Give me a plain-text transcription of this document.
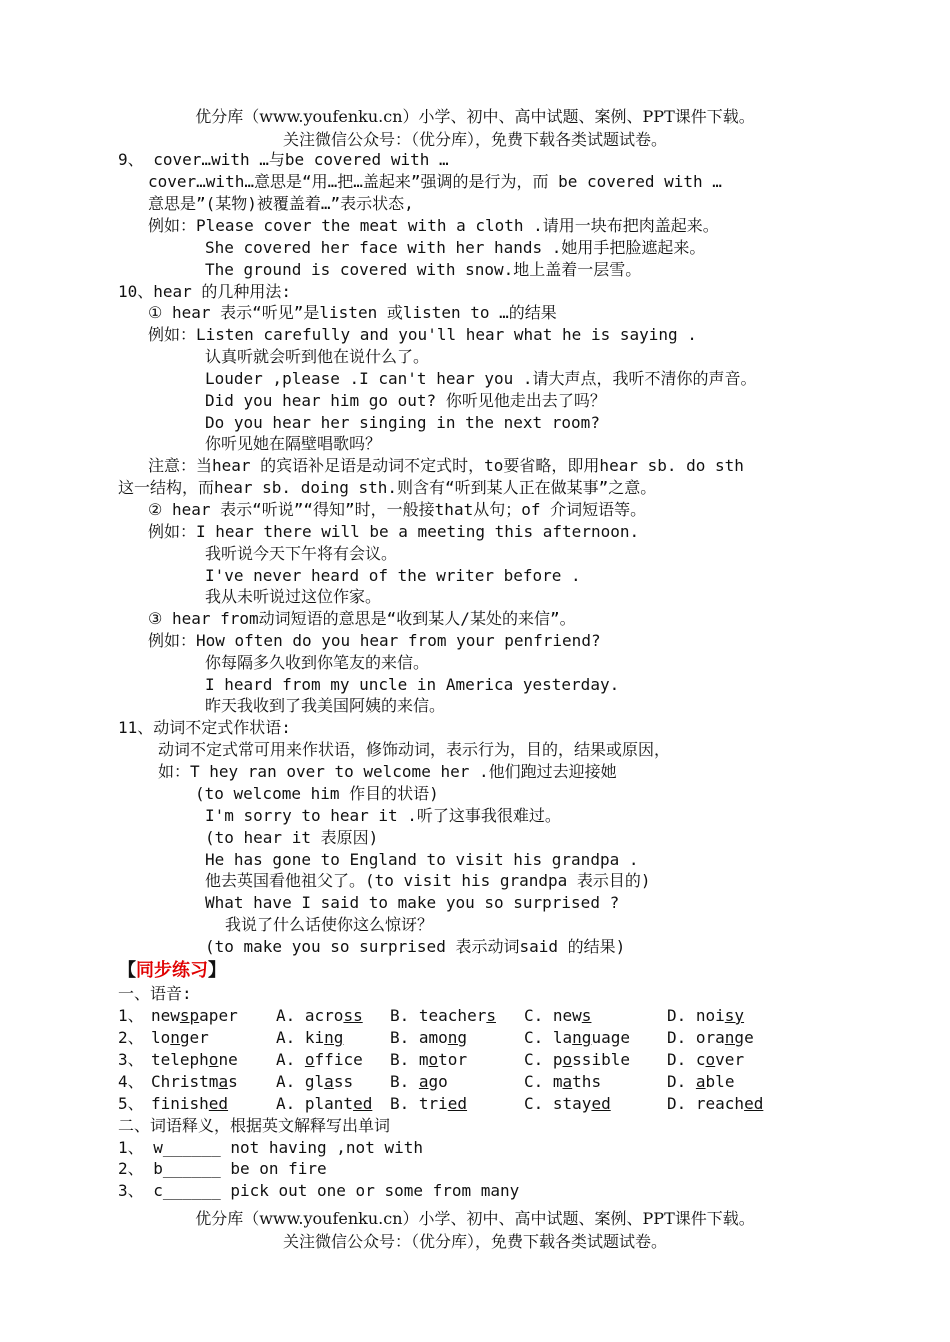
优分库（www.youfenku.cn）小学、初中、高中试题、案例、PPT课件下载。
关注微信公众号：（优分库），免费下载各类试题试卷。
9、 cover…with …与be covered with …
cover…with…意思是“用…把…盖起来”强调的是行为，而 be covered with …
意思是”(某物)被覆盖着…”表示状态,
例如：Please cover the meat with a cloth .请用一块布把肉盖起来。
She covered her face with her hands .她用手把脸遮起来。
The ground is covered with snow.地上盖着一层雪。
10、hear 的几种用法:
① hear 表示“听见”是listen 或listen to …的结果
例如：Listen carefully and you'll hear what he is saying .
认真听就会听到他在说什么了。
Louder ,please .I can't hear you .请大声点，我听不清你的声音。
Did you hear him go out? 你听见他走出去了吗？
Do you hear her singing in the next room?
你听见她在隔壁唱歌吗？
注意：当hear 的宾语补足语是动词不定式时，to要省略，即用hear sb. do sth
这一结构，而hear sb. doing sth.则含有“听到某人正在做某事”之意。
② hear 表示“听说”“得知”时，一般接that从句；of 介词短语等。
例如：I hear there will be a meeting this afternoon.
我听说今天下午将有会议。
I've never heard of the writer before .
我从未听说过这位作家。
③ hear from动词短语的意思是“收到某人/某处的来信”。
例如：How often do you hear from your penfriend?
你每隔多久收到你笔友的来信。
I heard from my uncle in America yesterday.
昨天我收到了我美国阿姨的来信。
11、动词不定式作状语:
动词不定式常可用来作状语，修饰动词，表示行为，目的，结果或原因，
如：T hey ran over to welcome her .他们跑过去迎接她
(to welcome him 作目的状语)
I'm sorry to hear it .听了这事我很难过。
(to hear it 表原因)
He has gone to England to visit his grandpa .
他去英国看他祖父了。(to visit his grandpa 表示目的)
What have I said to make you so surprised ?
我说了什么话使你这么惊讶？
(to make you so surprised 表示动词said 的结果)
【同步练习】
一、语音:
1、 newspaper A. across B. teachers C. news	D. noisy
2、 longer	A. king	B. among	C. language D. orange
3、 telephone A. office B. motor	C. possible D. cover
4、 Christmas A. glass B. ago	C. maths	D. able
5、 finished	A. planted B. tried	C. stayed	D. reached
二、词语释义，根据英文解释写出单词
1、 w______ not having ,not with
2、 b______ be on fire
3、 c______ pick out one or some from many
优分库（www.youfenku.cn）小学、初中、高中试题、案例、PPT课件下载。
关注微信公众号：（优分库），免费下载各类试题试卷。
